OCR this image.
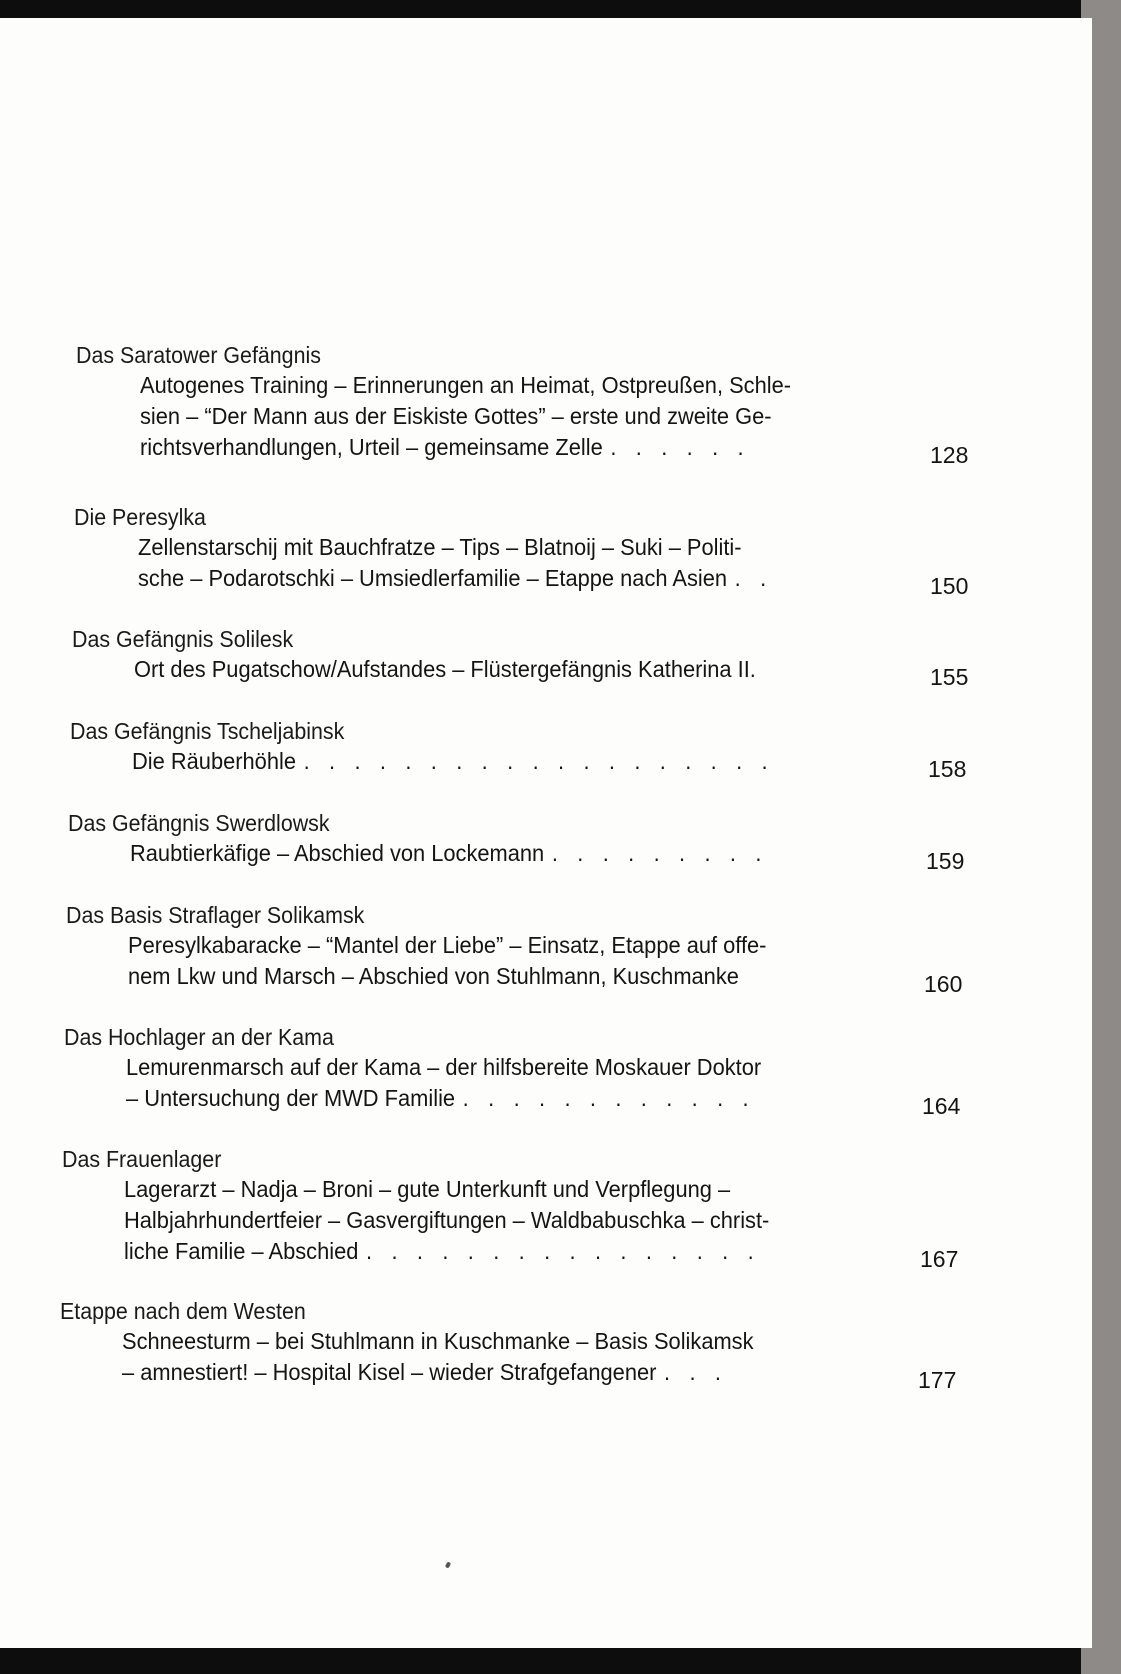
Das Saratower Gefängnis

Autogenes Training – Erinnerungen an Heimat, Ostpreußen, Schle-
sien – “Der Mann aus der Eiskiste Gottes” – erste und zweite Ge-
richtsverhandlungen, Urteil – gemeinsame Zelle . . . . . .	128
Die Peresylka

Zellenstarschij mit Bauchfratze – Tips – Blatnoij – Suki – Politi-
sche – Podarotschki – Umsiedlerfamilie – Etappe nach Asien . .	150
Das Gefängnis Solilesk

Ort des Pugatschow/Aufstandes – Flüstergefängnis Katherina II.	155
Das Gefängnis Tscheljabinsk

Die Räuberhöhle . . . . . . . . . . . . . . . . . . .	158
Das Gefängnis Swerdlowsk

Raubtierkäfige – Abschied von Lockemann . . . . . . . . .	159
Das Basis Straflager Solikamsk

Peresylkabaracke – “Mantel der Liebe” – Einsatz, Etappe auf offe-
nem Lkw und Marsch – Abschied von Stuhlmann, Kuschmanke	160
Das Hochlager an der Kama

Lemurenmarsch auf der Kama – der hilfsbereite Moskauer Doktor
– Untersuchung der MWD Familie . . . . . . . . . . . .	164
Das Frauenlager

Lagerarzt – Nadja – Broni – gute Unterkunft und Verpflegung –
Halbjahrhundertfeier – Gasvergiftungen – Waldbabuschka – christ-
liche Familie – Abschied . . . . . . . . . . . . . . . .	167
Etappe nach dem Westen

Schneesturm – bei Stuhlmann in Kuschmanke – Basis Solikamsk
– amnestiert! – Hospital Kisel – wieder Strafgefangener . . .	177
